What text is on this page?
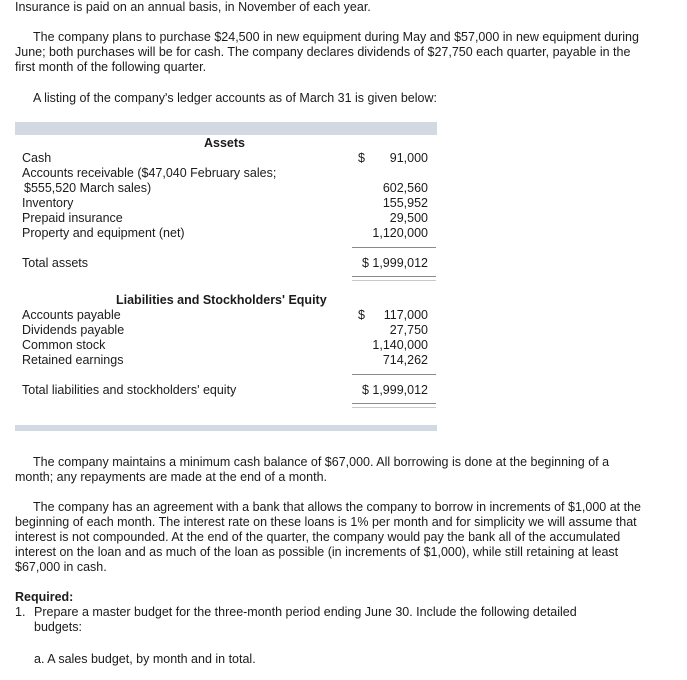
Insurance is paid on an annual basis, in November of each year.

The company plans to purchase $24,500 in new equipment during May and $57,000 in new equipment during June; both purchases will be for cash. The company declares dividends of $27,750 each quarter, payable in the first month of the following quarter.

A listing of the company's ledger accounts as of March 31 is given below:

Assets
Cash	$ 91,000
Accounts receivable ($47,040 February sales;
$555,520 March sales)	602,560
Inventory	155,952
Prepaid insurance	29,500
Property and equipment (net)	1,120,000
Total assets	$ 1,999,012
Liabilities and Stockholders' Equity
Accounts payable	$ 117,000
Dividends payable	27,750
Common stock	1,140,000
Retained earnings	714,262
Total liabilities and stockholders' equity	$ 1,999,012

The company maintains a minimum cash balance of $67,000. All borrowing is done at the beginning of a month; any repayments are made at the end of a month.

The company has an agreement with a bank that allows the company to borrow in increments of $1,000 at the beginning of each month. The interest rate on these loans is 1% per month and for simplicity we will assume that interest is not compounded. At the end of the quarter, the company would pay the bank all of the accumulated interest on the loan and as much of the loan as possible (in increments of $1,000), while still retaining at least $67,000 in cash.

Required:

1. Prepare a master budget for the three-month period ending June 30. Include the following detailed budgets:

a. A sales budget, by month and in total.
